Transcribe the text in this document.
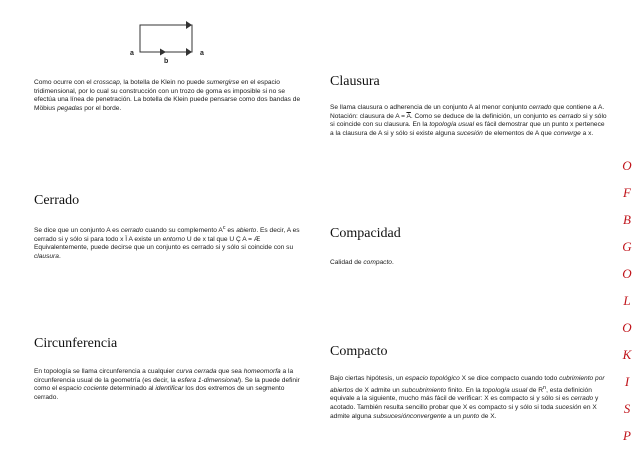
a	a
b

Como ocurre con el crosscap, la botella de Klein no puede sumergirse en el espacio tridimensional, por lo cual su construcción con un trozo de goma es imposible si no se efectúa una línea de penetración. La botella de Klein puede pensarse como dos bandas de Möbius pegadas por el borde.

Cerrado

Se dice que un conjunto A es cerrado cuando su complemento $A^c$ es abierto. Es decir, A es cerrado si y sólo si para todo x Ï A existe un entorno U de x tal que U Ç A = Æ Equivalentemente, puede decirse que un conjunto es cerrado si y sólo si coincide con su clausura.

Circunferencia

En topología se llama circunferencia a cualquier curva cerrada que sea homeomorfa a la circunferencia usual de la geometría (es decir, la esfera 1-dimensional). Se la puede definir como el espacio cociente determinado al identificar los dos extremos de un segmento cerrado.

Clausura

Se llama clausura o adherencia de un conjunto A al menor conjunto cerrado que contiene a A. Notación: clausura de $A = \overline{A}$. Como se deduce de la definición, un conjunto es cerrado si y sólo si coincide con su clausura. En la topología usual es fácil demostrar que un punto x pertenece a la clausura de A si y sólo si existe alguna sucesión de elementos de A que converge a x.

Compacidad

Calidad de compacto.

Compacto

Bajo ciertas hipótesis, un espacio topológico X se dice compacto cuando todo cubrimiento por abiertos de X admite un subcubrimiento finito. En la topología usual de $R^n$, esta definición equivale a la siguiente, mucho más fácil de verificar: X es compacto si y sólo si es cerrado y acotado. También resulta sencillo probar que X es compacto si y sólo si toda sucesión en X admite alguna subsucesiónconvergente a un punto de X.

P
S
I
K
O
L
O
G
B
F
O
